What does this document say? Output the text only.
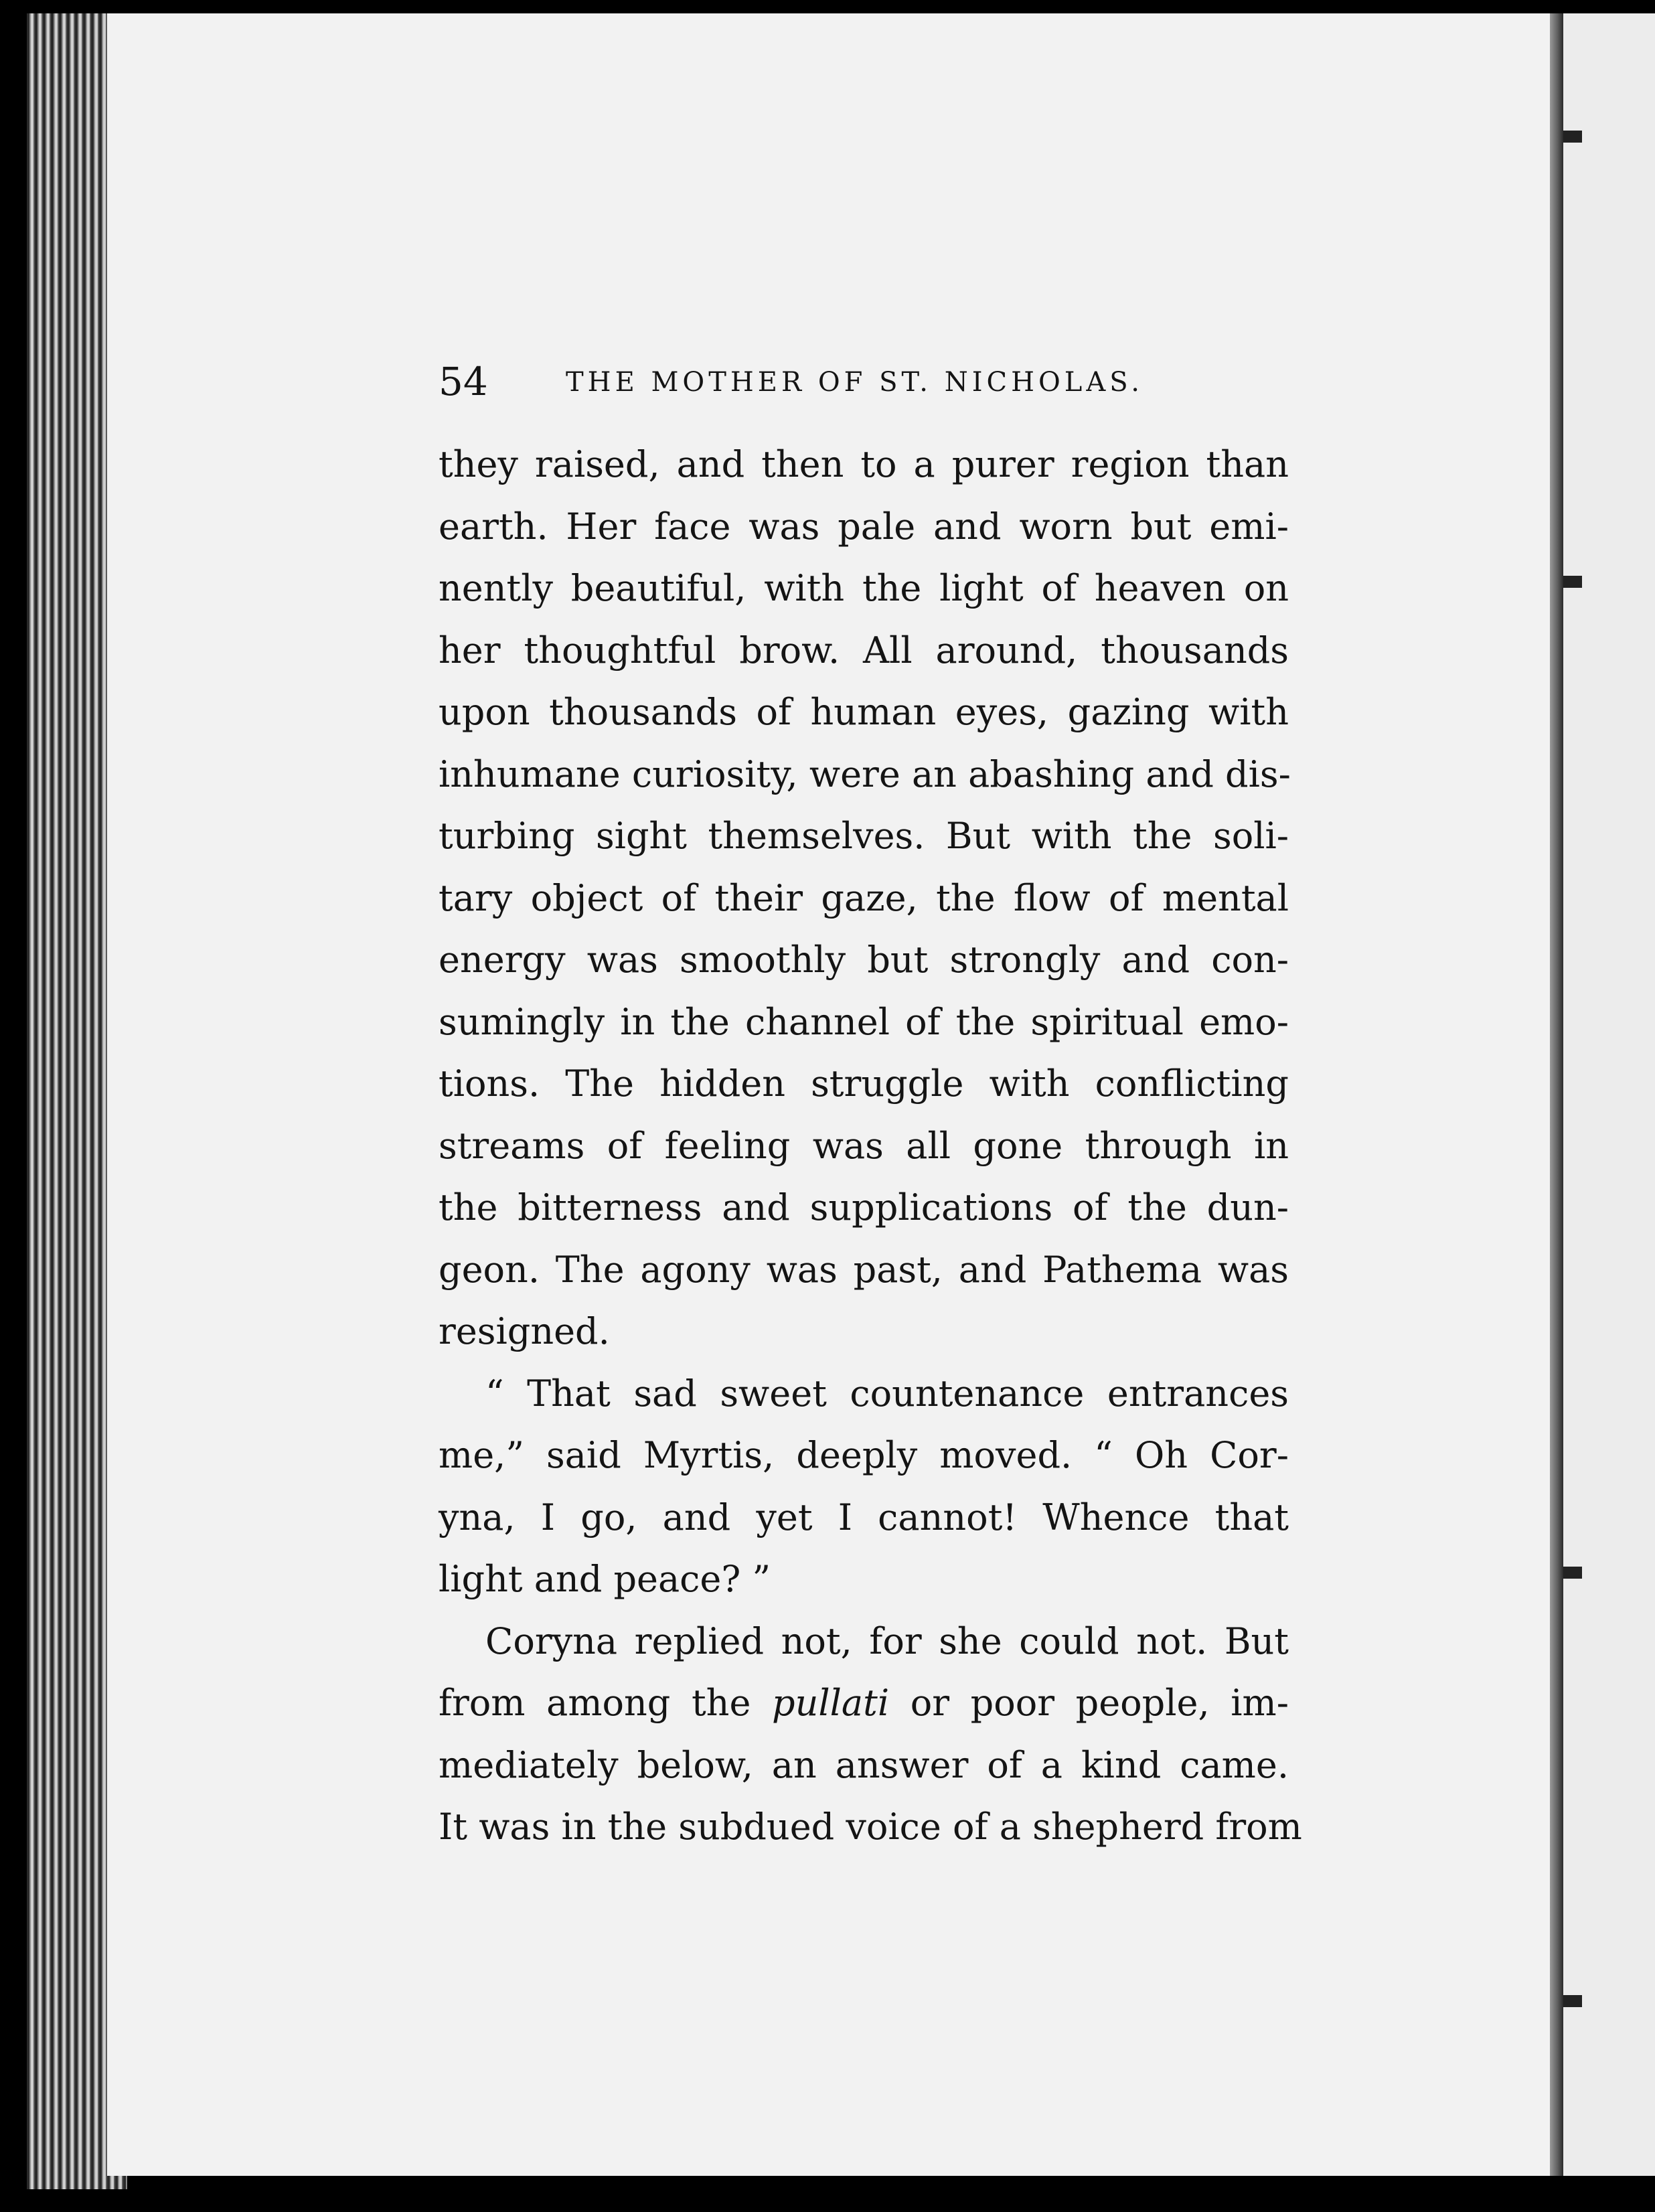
54	THE MOTHER OF ST. NICHOLAS.
they raised, and then to a purer region than
earth. Her face was pale and worn but emi-
nently beautiful, with the light of heaven on
her thoughtful brow. All around, thousands
upon thousands of human eyes, gazing with
inhumane curiosity, were an abashing and dis-
turbing sight themselves. But with the soli-
tary object of their gaze, the flow of mental
energy was smoothly but strongly and con-
sumingly in the channel of the spiritual emo-
tions. The hidden struggle with conflicting
streams of feeling was all gone through in
the bitterness and supplications of the dun-
geon. The agony was past, and Pathema was
resigned.
“ That sad sweet countenance entrances
me,” said Myrtis, deeply moved. “ Oh Cor-
yna, I go, and yet I cannot! Whence that
light and peace? ”
Coryna replied not, for she could not. But
from among the pullati or poor people, im-
mediately below, an answer of a kind came.
It was in the subdued voice of a shepherd from
